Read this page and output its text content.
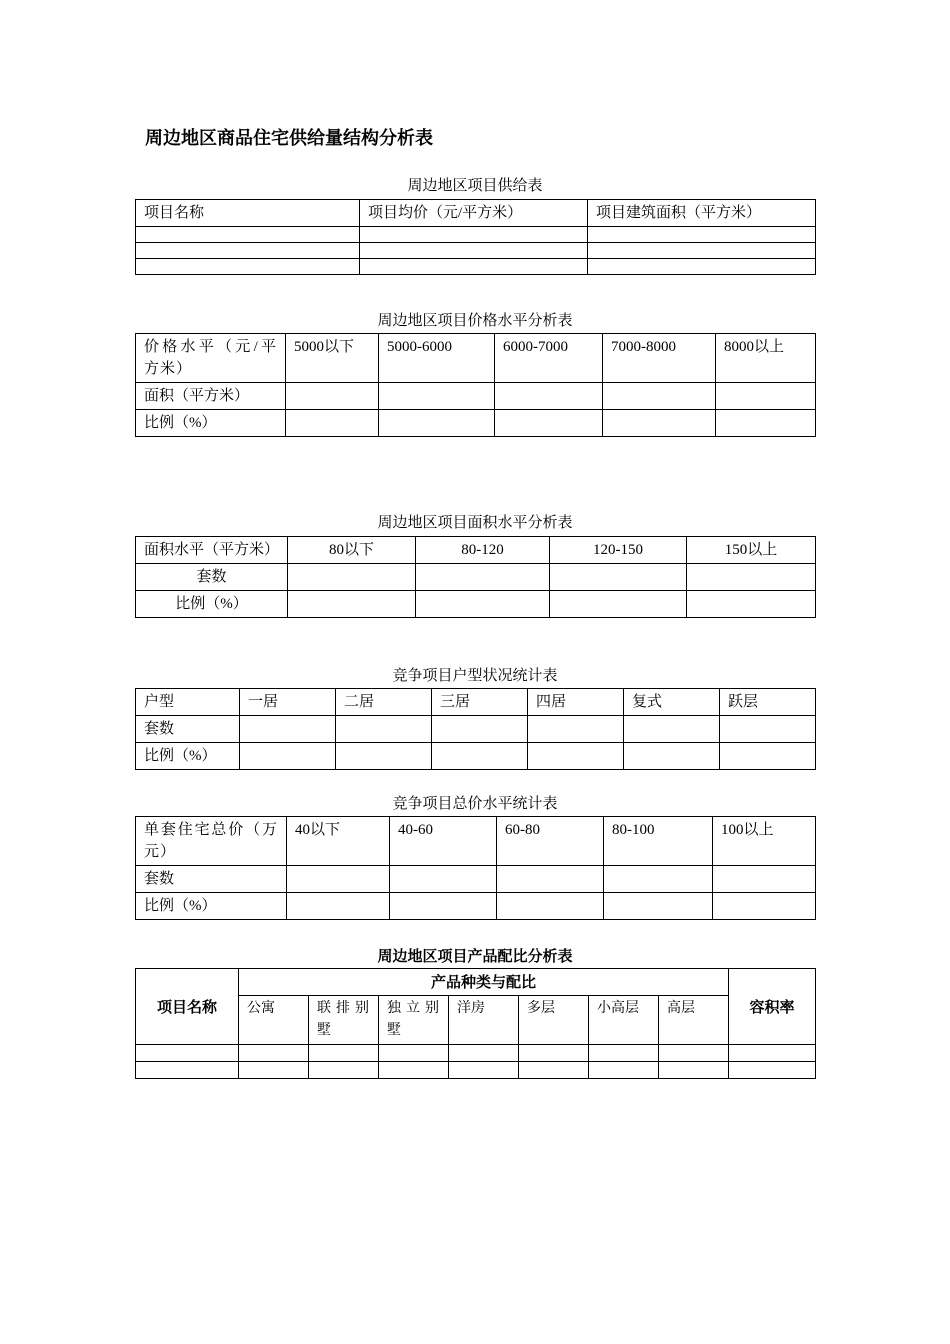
周边地区商品住宅供给量结构分析表
周边地区项目供给表
项目名称	项目均价（元/平方米）	项目建筑面积（平方米）

周边地区项目价格水平分析表
价格水平（元/平方米）	5000以下	5000-6000	6000-7000	7000-8000	8000以上
面积（平方米）					
比例（%）					
周边地区项目面积水平分析表
面积水平（平方米）	80以下	80-120	120-150	150以上
套数				
比例（%）				
竞争项目户型状况统计表
户型	一居	二居	三居	四居	复式	跃层
套数						
比例（%）						
竞争项目总价水平统计表
单套住宅总价（万元）	40以下	40-60	60-80	80-100	100以上
套数					
比例（%）					
周边地区项目产品配比分析表
项目名称	产品种类与配比							容积率
	公寓	联排别墅	独立别墅	洋房	多层	小高层	高层	
